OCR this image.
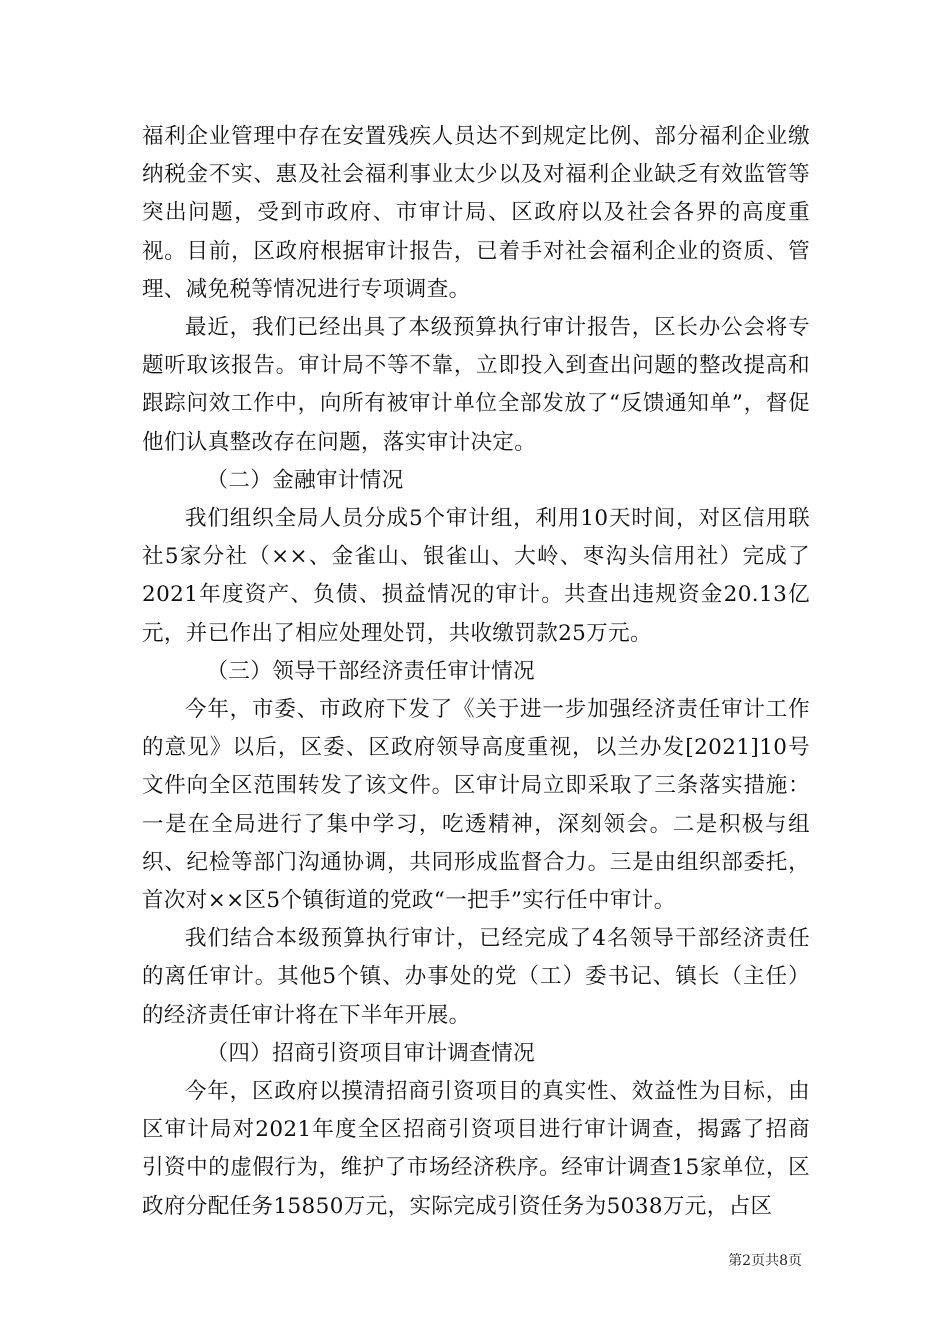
福利企业管理中存在安置残疾人员达不到规定比例、部分福利企业缴纳税金不实、惠及社会福利事业太少以及对福利企业缺乏有效监管等突出问题，受到市政府、市审计局、区政府以及社会各界的高度重视。目前，区政府根据审计报告，已着手对社会福利企业的资质、管理、减免税等情况进行专项调查。

最近，我们已经出具了本级预算执行审计报告，区长办公会将专题听取该报告。审计局不等不靠，立即投入到查出问题的整改提高和跟踪问效工作中，向所有被审计单位全部发放了“反馈通知单”，督促他们认真整改存在问题，落实审计决定。

（二）金融审计情况

我们组织全局人员分成5个审计组，利用10天时间，对区信用联社5家分社（××、金雀山、银雀山、大岭、枣沟头信用社）完成了2021年度资产、负债、损益情况的审计。共查出违规资金20.13亿元，并已作出了相应处理处罚，共收缴罚款25万元。

（三）领导干部经济责任审计情况

今年，市委、市政府下发了《关于进一步加强经济责任审计工作的意见》以后，区委、区政府领导高度重视，以兰办发[2021]10号文件向全区范围转发了该文件。区审计局立即采取了三条落实措施：一是在全局进行了集中学习，吃透精神，深刻领会。二是积极与组织、纪检等部门沟通协调，共同形成监督合力。三是由组织部委托，首次对××区5个镇街道的党政“一把手”实行任中审计。

我们结合本级预算执行审计，已经完成了4名领导干部经济责任的离任审计。其他5个镇、办事处的党（工）委书记、镇长（主任）的经济责任审计将在下半年开展。

（四）招商引资项目审计调查情况

今年，区政府以摸清招商引资项目的真实性、效益性为目标，由区审计局对2021年度全区招商引资项目进行审计调查，揭露了招商引资中的虚假行为，维护了市场经济秩序。经审计调查15家单位，区政府分配任务15850万元，实际完成引资任务为5038万元，占区

第2页共8页
